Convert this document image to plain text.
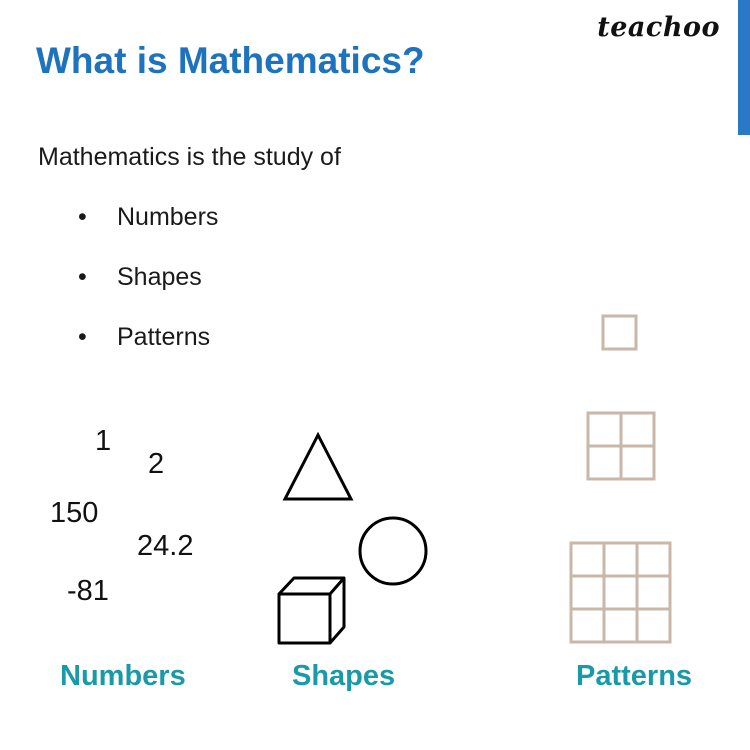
teachoo
What is Mathematics?
Mathematics is the study of
• Numbers
• Shapes
• Patterns
1
2
150
24.2
-81
Numbers	Shapes	Patterns
